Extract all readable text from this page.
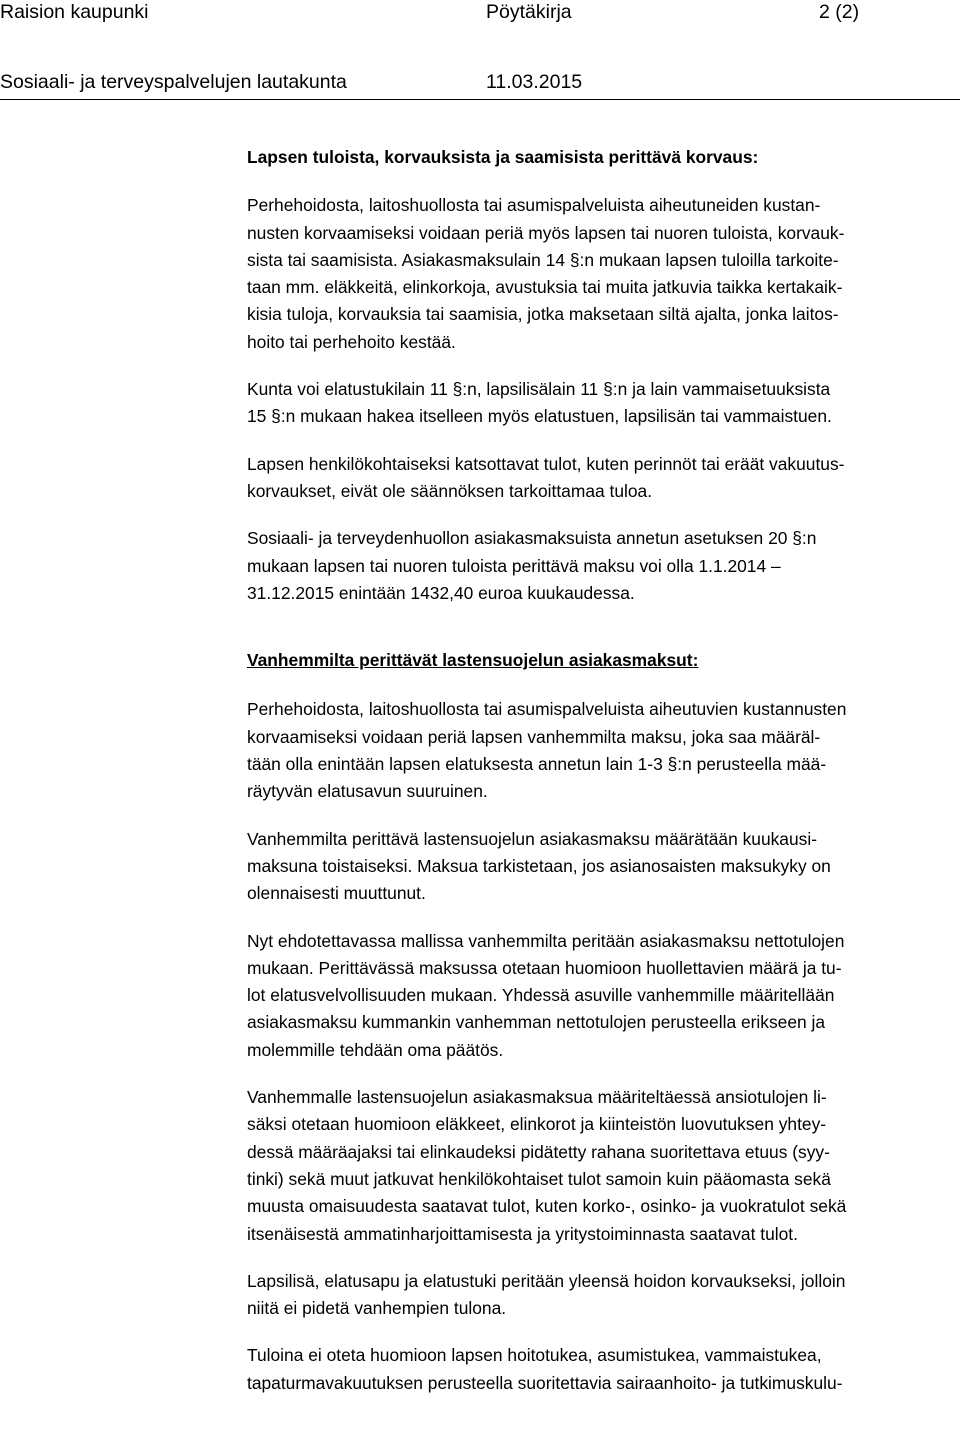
Raision kaupunki	Pöytäkirja	2 (2)
Sosiaali- ja terveyspalvelujen lautakunta	11.03.2015
Lapsen tuloista, korvauksista ja saamisista perittävä korvaus:

Perhehoidosta, laitoshuollosta tai asumispalveluista aiheutuneiden kustan-
nusten korvaamiseksi voidaan periä myös lapsen tai nuoren tuloista, korvauk-
sista tai saamisista. Asiakasmaksulain 14 §:n mukaan lapsen tuloilla tarkoite-
taan mm. eläkkeitä, elinkorkoja, avustuksia tai muita jatkuvia taikka kertakaik-
kisia tuloja, korvauksia tai saamisia, jotka maksetaan siltä ajalta, jonka laitos-
hoito tai perhehoito kestää.

Kunta voi elatustukilain 11 §:n, lapsilisälain 11 §:n ja lain vammaisetuuksista
15 §:n mukaan hakea itselleen myös elatustuen, lapsilisän tai vammaistuen.

Lapsen henkilökohtaiseksi katsottavat tulot, kuten perinnöt tai eräät vakuutus-
korvaukset, eivät ole säännöksen tarkoittamaa tuloa.

Sosiaali- ja terveydenhuollon asiakasmaksuista annetun asetuksen 20 §:n
mukaan lapsen tai nuoren tuloista perittävä maksu voi olla 1.1.2014 –
31.12.2015 enintään 1432,40 euroa kuukaudessa.

Vanhemmilta perittävät lastensuojelun asiakasmaksut:

Perhehoidosta, laitoshuollosta tai asumispalveluista aiheutuvien kustannusten
korvaamiseksi voidaan periä lapsen vanhemmilta maksu, joka saa määräl-
tään olla enintään lapsen elatuksesta annetun lain 1-3 §:n perusteella mää-
räytyvän elatusavun suuruinen.

Vanhemmilta perittävä lastensuojelun asiakasmaksu määrätään kuukausi-
maksuna toistaiseksi. Maksua tarkistetaan, jos asianosaisten maksukyky on
olennaisesti muuttunut.

Nyt ehdotettavassa mallissa vanhemmilta peritään asiakasmaksu nettotulojen
mukaan. Perittävässä maksussa otetaan huomioon huollettavien määrä ja tu-
lot elatusvelvollisuuden mukaan. Yhdessä asuville vanhemmille määritellään
asiakasmaksu kummankin vanhemman nettotulojen perusteella erikseen ja
molemmille tehdään oma päätös.

Vanhemmalle lastensuojelun asiakasmaksua määriteltäessä ansiotulojen li-
säksi otetaan huomioon eläkkeet, elinkorot ja kiinteistön luovutuksen yhtey-
dessä määräajaksi tai elinkaudeksi pidätetty rahana suoritettava etuus (syy-
tinki) sekä muut jatkuvat henkilökohtaiset tulot samoin kuin pääomasta sekä
muusta omaisuudesta saatavat tulot, kuten korko-, osinko- ja vuokratulot sekä
itsenäisestä ammatinharjoittamisesta ja yritystoiminnasta saatavat tulot.

Lapsilisä, elatusapu ja elatustuki peritään yleensä hoidon korvaukseksi, jolloin
niitä ei pidetä vanhempien tulona.

Tuloina ei oteta huomioon lapsen hoitotukea, asumistukea, vammaistukea,
tapaturmavakuutuksen perusteella suoritettavia sairaanhoito- ja tutkimuskulu-
